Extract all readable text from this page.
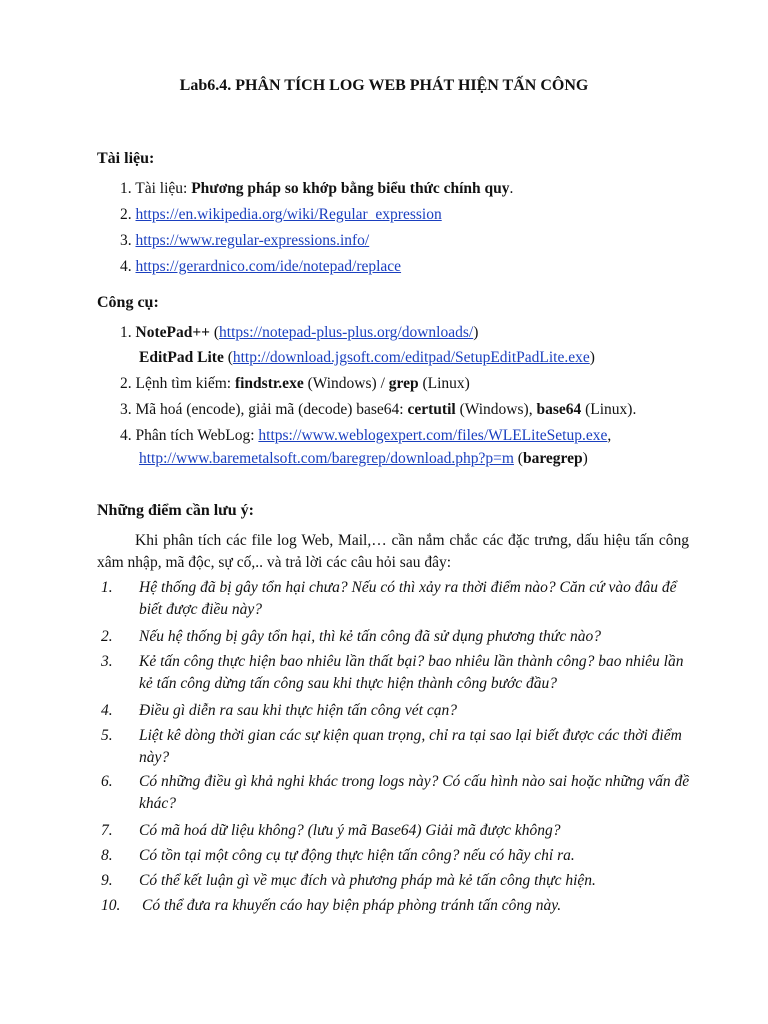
Lab6.4. PHÂN TÍCH LOG WEB PHÁT HIỆN TẤN CÔNG
Tài liệu:
1. Tài liệu: Phương pháp so khớp bằng biểu thức chính quy.
2. https://en.wikipedia.org/wiki/Regular_expression
3. https://www.regular-expressions.info/
4. https://gerardnico.com/ide/notepad/replace
Công cụ:
1. NotePad++ (https://notepad-plus-plus.org/downloads/)
EditPad Lite (http://download.jgsoft.com/editpad/SetupEditPadLite.exe)
2. Lệnh tìm kiếm: findstr.exe (Windows) / grep (Linux)
3. Mã hoá (encode), giải mã (decode) base64: certutil (Windows), base64 (Linux).
4. Phân tích WebLog: https://www.weblogexpert.com/files/WLELiteSetup.exe,
http://www.baremetalsoft.com/baregrep/download.php?p=m (baregrep)
Những điểm cần lưu ý:
Khi phân tích các file log Web, Mail,… cần nắm chắc các đặc trưng, dấu hiệu tấn công xâm nhập, mã độc, sự cố,.. và trả lời các câu hỏi sau đây:
1. Hệ thống đã bị gây tổn hại chưa? Nếu có thì xảy ra thời điểm nào? Căn cứ vào đâu để biết được điều này?
2. Nếu hệ thống bị gây tổn hại, thì kẻ tấn công đã sử dụng phương thức nào?
3. Kẻ tấn công thực hiện bao nhiêu lần thất bại? bao nhiêu lần thành công? bao nhiêu lần kẻ tấn công dừng tấn công sau khi thực hiện thành công bước đầu?
4. Điều gì diễn ra sau khi thực hiện tấn công vét cạn?
5. Liệt kê dòng thời gian các sự kiện quan trọng, chỉ ra tại sao lại biết được các thời điểm này?
6. Có những điều gì khả nghi khác trong logs này? Có cấu hình nào sai hoặc những vấn đề khác?
7. Có mã hoá dữ liệu không? (lưu ý mã Base64) Giải mã được không?
8. Có tồn tại một công cụ tự động thực hiện tấn công? nếu có hãy chỉ ra.
9. Có thể kết luận gì về mục đích và phương pháp mà kẻ tấn công thực hiện.
10. Có thể đưa ra khuyến cáo hay biện pháp phòng tránh tấn công này.
